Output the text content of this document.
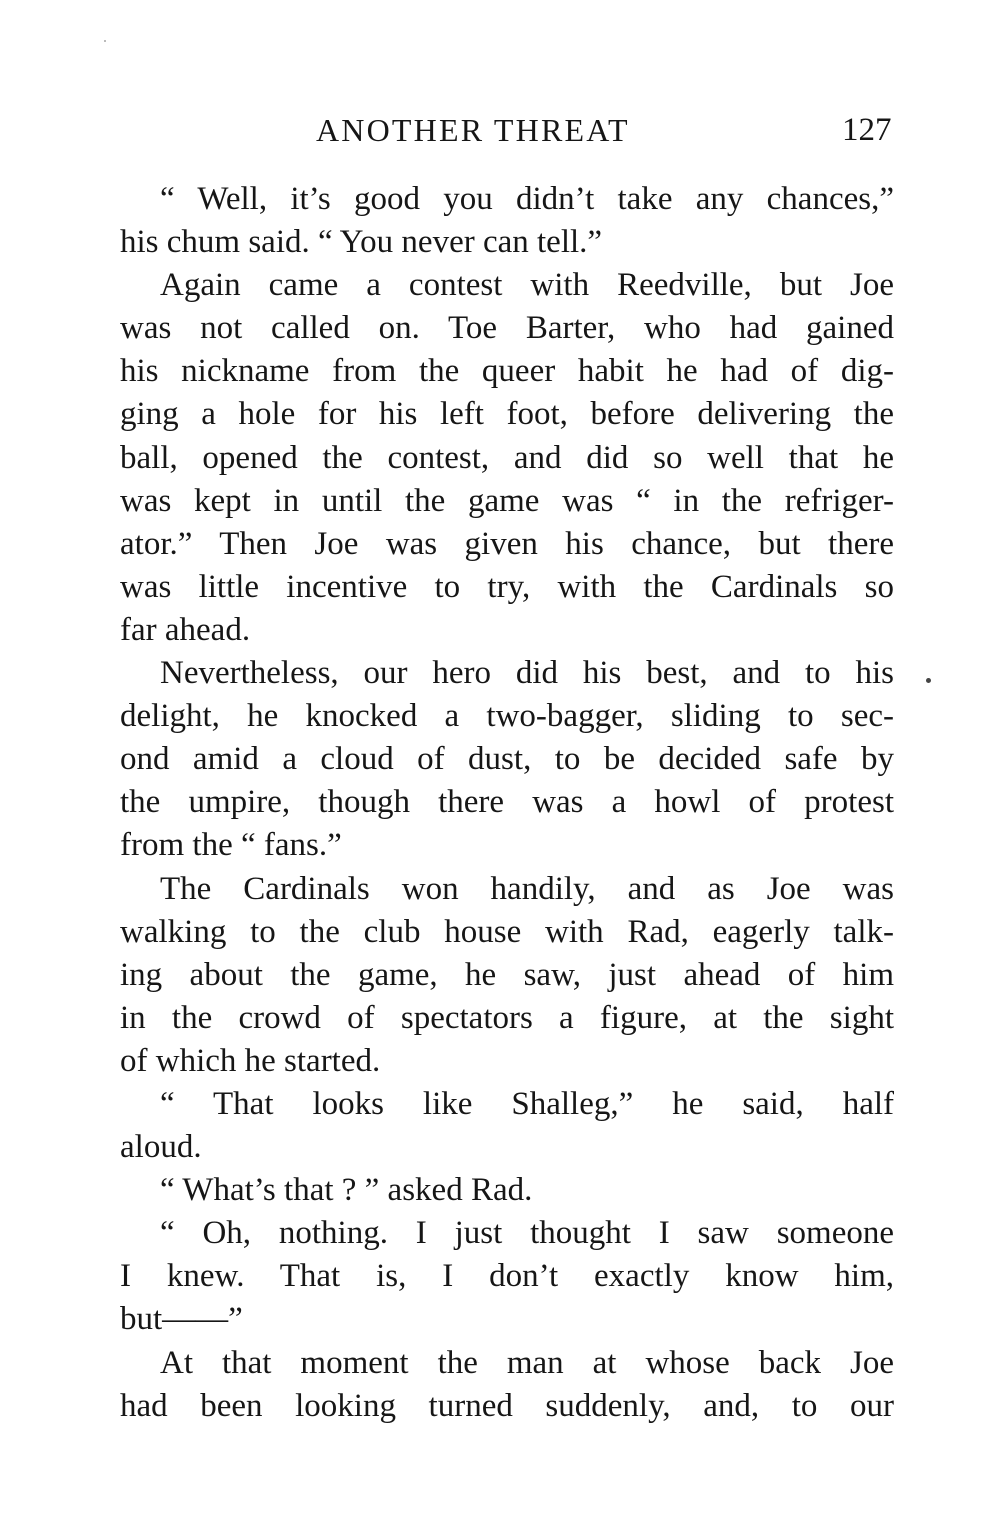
ANOTHER THREAT	127
“ Well, it’s good you didn’t take any chances,”
his chum said. “ You never can tell.”
Again came a contest with Reedville, but Joe
was not called on. Toe Barter, who had gained
his nickname from the queer habit he had of dig-
ging a hole for his left foot, before delivering the
ball, opened the contest, and did so well that he
was kept in until the game was “ in the refriger-
ator.” Then Joe was given his chance, but there
was little incentive to try, with the Cardinals so
far ahead.
Nevertheless, our hero did his best, and to his
delight, he knocked a two-bagger, sliding to sec-
ond amid a cloud of dust, to be decided safe by
the umpire, though there was a howl of protest
from the “ fans.”
The Cardinals won handily, and as Joe was
walking to the club house with Rad, eagerly talk-
ing about the game, he saw, just ahead of him
in the crowd of spectators a figure, at the sight
of which he started.
“ That looks like Shalleg,” he said, half
aloud.
“ What’s that ? ” asked Rad.
“ Oh, nothing. I just thought I saw someone
I knew. That is, I don’t exactly know him,
but——”
At that moment the man at whose back Joe
had been looking turned suddenly, and, to our
